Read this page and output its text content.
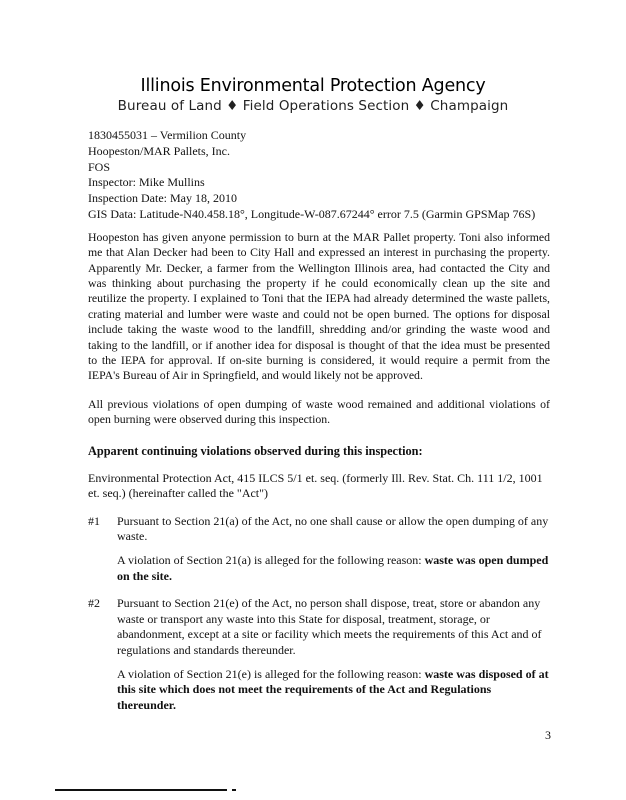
Illinois Environmental Protection Agency
Bureau of Land ♦ Field Operations Section ♦ Champaign
1830455031 – Vermilion County
Hoopeston/MAR Pallets, Inc.
FOS
Inspector: Mike Mullins
Inspection Date: May 18, 2010
GIS Data: Latitude-N40.458.18°, Longitude-W-087.67244° error 7.5 (Garmin GPSMap 76S)
Hoopeston has given anyone permission to burn at the MAR Pallet property. Toni also informed me that Alan Decker had been to City Hall and expressed an interest in purchasing the property. Apparently Mr. Decker, a farmer from the Wellington Illinois area, had contacted the City and was thinking about purchasing the property if he could economically clean up the site and reutilize the property. I explained to Toni that the IEPA had already determined the waste pallets, crating material and lumber were waste and could not be open burned. The options for disposal include taking the waste wood to the landfill, shredding and/or grinding the waste wood and taking to the landfill, or if another idea for disposal is thought of that the idea must be presented to the IEPA for approval. If on-site burning is considered, it would require a permit from the IEPA's Bureau of Air in Springfield, and would likely not be approved.
All previous violations of open dumping of waste wood remained and additional violations of open burning were observed during this inspection.
Apparent continuing violations observed during this inspection:
Environmental Protection Act, 415 ILCS 5/1 et. seq. (formerly Ill. Rev. Stat. Ch. 111 1/2, 1001 et. seq.) (hereinafter called the "Act")
#1	Pursuant to Section 21(a) of the Act, no one shall cause or allow the open dumping of any waste.
A violation of Section 21(a) is alleged for the following reason: waste was open dumped on the site.
#2	Pursuant to Section 21(e) of the Act, no person shall dispose, treat, store or abandon any waste or transport any waste into this State for disposal, treatment, storage, or abandonment, except at a site or facility which meets the requirements of this Act and of regulations and standards thereunder.
A violation of Section 21(e) is alleged for the following reason: waste was disposed of at this site which does not meet the requirements of the Act and Regulations thereunder.
3
